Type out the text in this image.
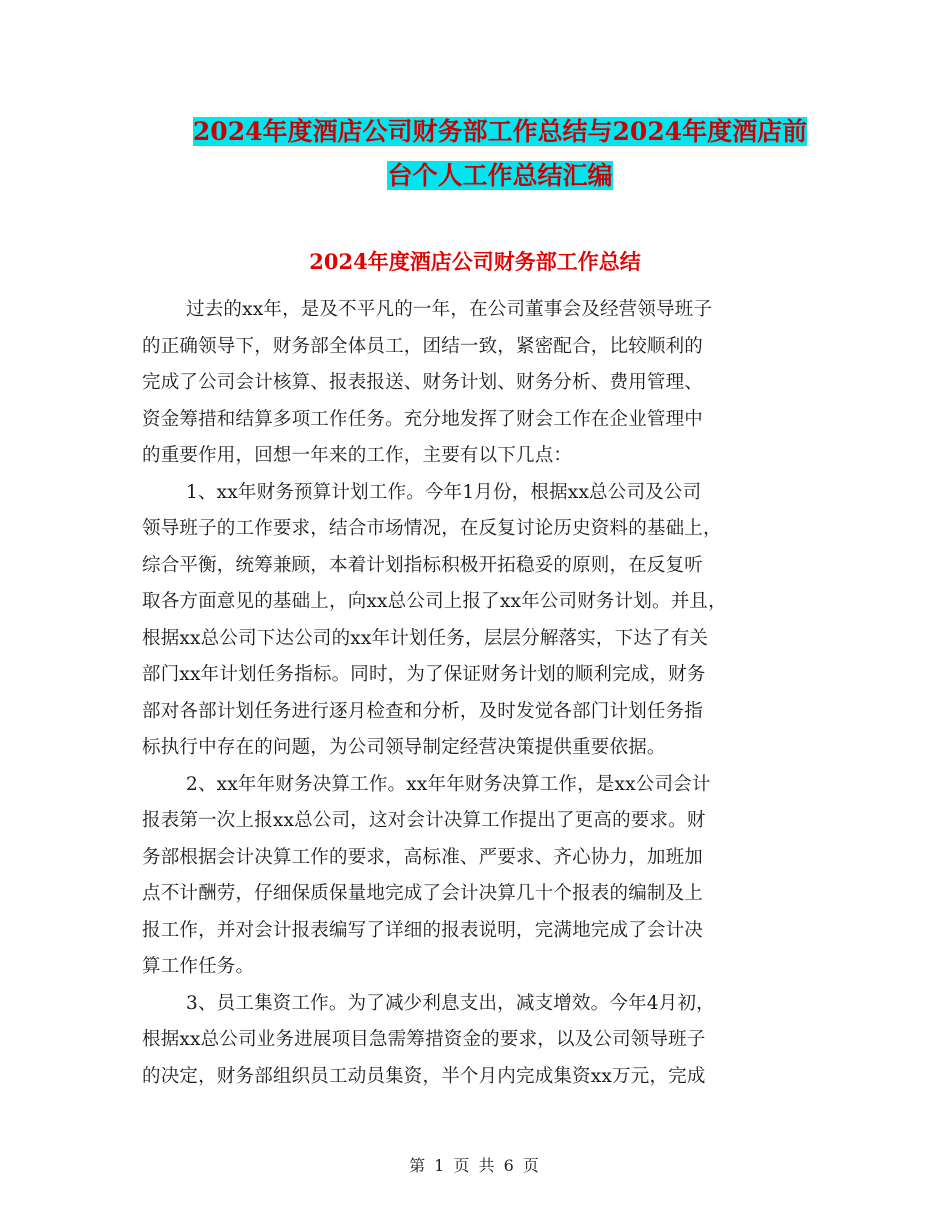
2024年度酒店公司财务部工作总结与2024年度酒店前
台个人工作总结汇编
2024年度酒店公司财务部工作总结
过去的xx年，是及不平凡的一年，在公司董事会及经营领导班子
的正确领导下，财务部全体员工，团结一致，紧密配合，比较顺利的
完成了公司会计核算、报表报送、财务计划、财务分析、费用管理、
资金筹措和结算多项工作任务。充分地发挥了财会工作在企业管理中
的重要作用，回想一年来的工作，主要有以下几点：
1、xx年财务预算计划工作。今年1月份，根据xx总公司及公司
领导班子的工作要求，结合市场情况，在反复讨论历史资料的基础上，
综合平衡，统筹兼顾，本着计划指标积极开拓稳妥的原则，在反复听
取各方面意见的基础上，向xx总公司上报了xx年公司财务计划。并且，
根据xx总公司下达公司的xx年计划任务，层层分解落实，下达了有关
部门xx年计划任务指标。同时，为了保证财务计划的顺利完成，财务
部对各部计划任务进行逐月检查和分析，及时发觉各部门计划任务指
标执行中存在的问题，为公司领导制定经营决策提供重要依据。
2、xx年年财务决算工作。xx年年财务决算工作，是xx公司会计
报表第一次上报xx总公司，这对会计决算工作提出了更高的要求。财
务部根据会计决算工作的要求，高标准、严要求、齐心协力，加班加
点不计酬劳，仔细保质保量地完成了会计决算几十个报表的编制及上
报工作，并对会计报表编写了详细的报表说明，完满地完成了会计决
算工作任务。
3、员工集资工作。为了减少利息支出，减支增效。今年4月初，
根据xx总公司业务进展项目急需筹措资金的要求，以及公司领导班子
的决定，财务部组织员工动员集资，半个月内完成集资xx万元，完成
第 1 页 共 6 页
